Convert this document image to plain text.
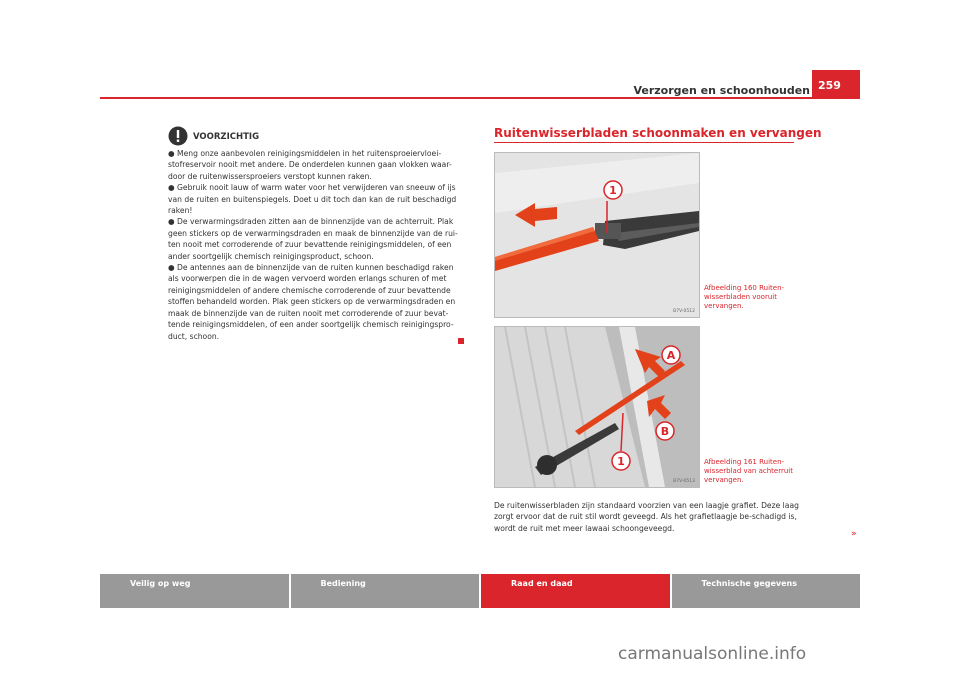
Verzorgen en schoonhouden 259
VOORZICHTIG

● Meng onze aanbevolen reinigingsmiddelen in het ruitensproeiervloei-stofreservoir nooit met andere. De onderdelen kunnen gaan vlokken waar-door de ruitenwissersproeiers verstopt kunnen raken.

● Gebruik nooit lauw of warm water voor het verwijderen van sneeuw of ijs van de ruiten en buitenspiegels. Doet u dit toch dan kan de ruit beschadigd raken!

● De verwarmingsdraden zitten aan de binnenzijde van de achterruit. Plak geen stickers op de verwarmingsdraden en maak de binnenzijde van de rui-ten nooit met corroderende of zuur bevattende reinigingsmiddelen, of een ander soortgelijk chemisch reinigingsproduct, schoon.

● De antennes aan de binnenzijde van de ruiten kunnen beschadigd raken als voorwerpen die in de wagen vervoerd worden erlangs schuren of met reinigingsmiddelen of andere chemische corroderende of zuur bevattende stoffen behandeld worden. Plak geen stickers op de verwarmingsdraden en maak de binnenzijde van de ruiten nooit met corroderende of zuur bevat-tende reinigingsmiddelen, of een ander soortgelijk chemisch reinigingspro-duct, schoon.

Ruitenwisserbladen schoonmaken en vervangen
1
B7V-0512
Afbeelding 160 Ruiten-wisserbladen vooruit vervangen.
A
B
1
B7V-0513
Afbeelding 161 Ruiten-wisserblad van achterruit vervangen.
De ruitenwisserbladen zijn standaard voorzien van een laagje grafiet. Deze laag zorgt ervoor dat de ruit stil wordt geveegd. Als het grafietlaagje be-schadigd is, wordt de ruit met meer lawaai schoongeveegd.
»
Veilig op weg	Bediening	Raad en daad	Technische gegevens
carmanualsonline.info
